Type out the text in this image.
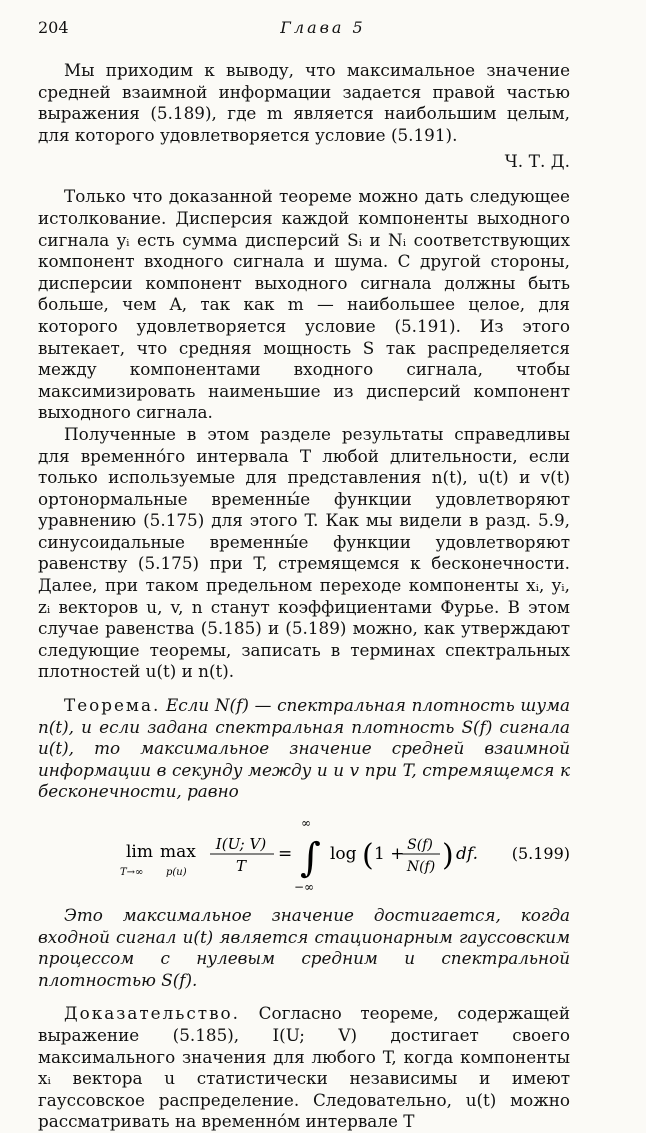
204	Глава 5

Мы приходим к выводу, что максимальное значение средней взаимной информации задается правой частью выражения (5.189), где m является наибольшим целым, для которого удовлетворяется условие (5.191).

Ч. Т. Д.

Только что доказанной теореме можно дать следующее истолкование. Дисперсия каждой компоненты выходного сигнала yᵢ есть сумма дисперсий Sᵢ и Nᵢ соответствующих компонент входного сигнала и шума. С другой стороны, дисперсии компонент выходного сигнала должны быть больше, чем A, так как m — наибольшее целое, для которого удовлетворяется условие (5.191). Из этого вытекает, что средняя мощность S так распределяется между компонентами входного сигнала, чтобы максимизировать наименьшие из дисперсий компонент выходного сигнала.

Полученные в этом разделе результаты справедливы для временно́го интервала T любой длительности, если только используемые для представления n(t), u(t) и v(t) ортонормальные временны́е функции удовлетворяют уравнению (5.175) для этого T. Как мы видели в разд. 5.9, синусоидальные временны́е функции удовлетворяют равенству (5.175) при T, стремящемся к бесконечности. Далее, при таком предельном переходе компоненты xᵢ, yᵢ, zᵢ векторов u, v, n станут коэффициентами Фурье. В этом случае равенства (5.185) и (5.189) можно, как утверждают следующие теоремы, записать в терминах спектральных плотностей u(t) и n(t).

Теорема. Если N(f) — спектральная плотность шума n(t), и если задана спектральная плотность S(f) сигнала u(t), то максимальное значение средней взаимной информации в секунду между u и v при T, стремящемся к бесконечности, равно

lim
T→∞
max
p(u)
I(U; V)
T
= ∫
∞
−∞
log ( 1 + S(f)
N(f) ) df. (5.199)

Это максимальное значение достигается, когда входной сигнал u(t) является стационарным гауссовским процессом с нулевым средним и спектральной плотностью S(f).

Доказательство. Согласно теореме, содержащей выражение (5.185), I(U; V) достигает своего максимального значения для любого T, когда компоненты xᵢ вектора u статистически независимы и имеют гауссовское распределение. Следовательно, u(t) можно рассматривать на временно́м интервале T
